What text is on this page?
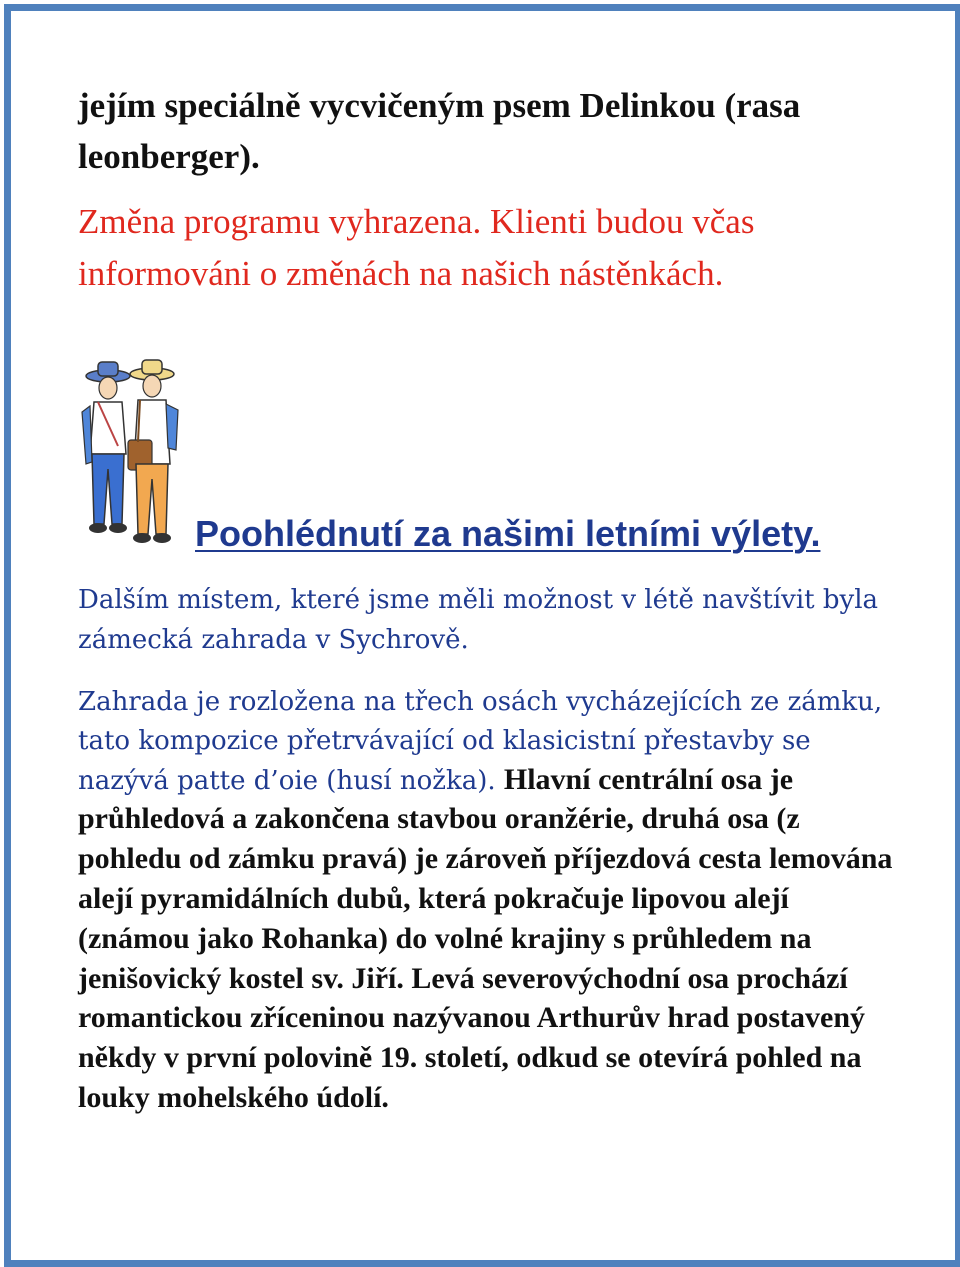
jejím speciálně vycvičeným psem Delinkou (rasa leonberger).

Změna programu vyhrazena. Klienti budou včas informováni o změnách na našich nástěnkách.

Poohlédnutí za našimi letními výlety.

Dalším místem, které jsme měli možnost v létě navštívit byla zámecká zahrada v Sychrově.

Zahrada je rozložena na třech osách vycházejících ze zámku, tato kompozice přetrvávající od klasicistní přestavby se nazývá patte d’oie (husí nožka). Hlavní centrální osa je průhledová a zakončena stavbou oranžérie, druhá osa (z pohledu od zámku pravá) je zároveň příjezdová cesta lemována alejí pyramidálních dubů, která pokračuje lipovou alejí (známou jako Rohanka) do volné krajiny s průhledem na jenišovický kostel sv. Jiří. Levá severovýchodní osa prochází romantickou zříceninou nazývanou Arthurův hrad postavený někdy v první polovině 19. století, odkud se otevírá pohled na louky mohelského údolí.
